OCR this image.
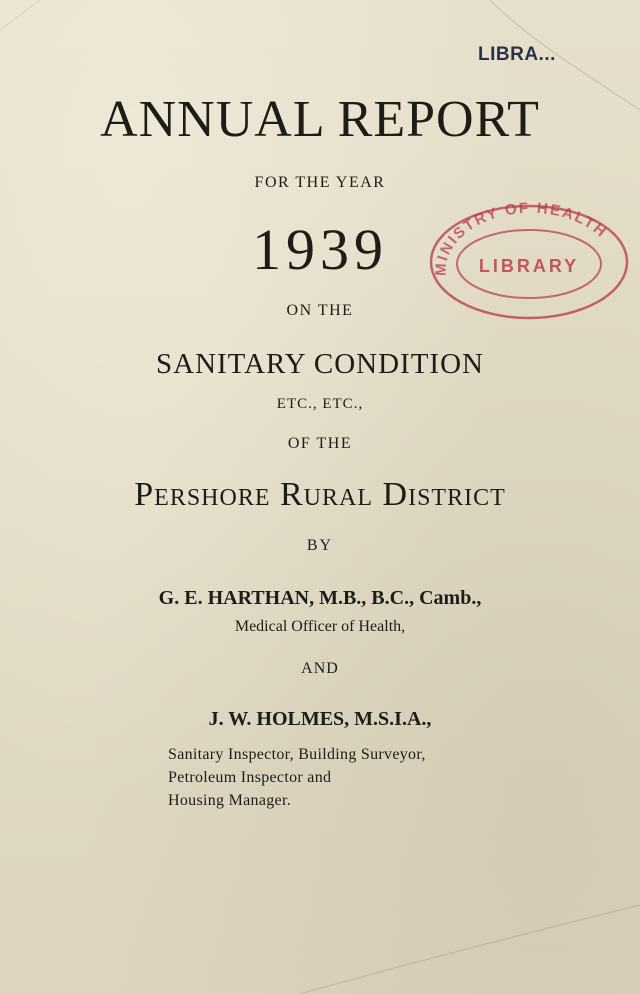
LIBRA...
ANNUAL REPORT
FOR THE YEAR
1939
ON THE
SANITARY CONDITION
ETC., ETC.,
OF THE
Pershore Rural District
BY
G. E. HARTHAN, M.B., B.C., Camb.,
Medical Officer of Health,
AND
J. W. HOLMES, M.S.I.A.,
Sanitary Inspector, Building Surveyor,
Petroleum Inspector and
Housing Manager.
MINISTRY OF HEALTH
LIBRARY
